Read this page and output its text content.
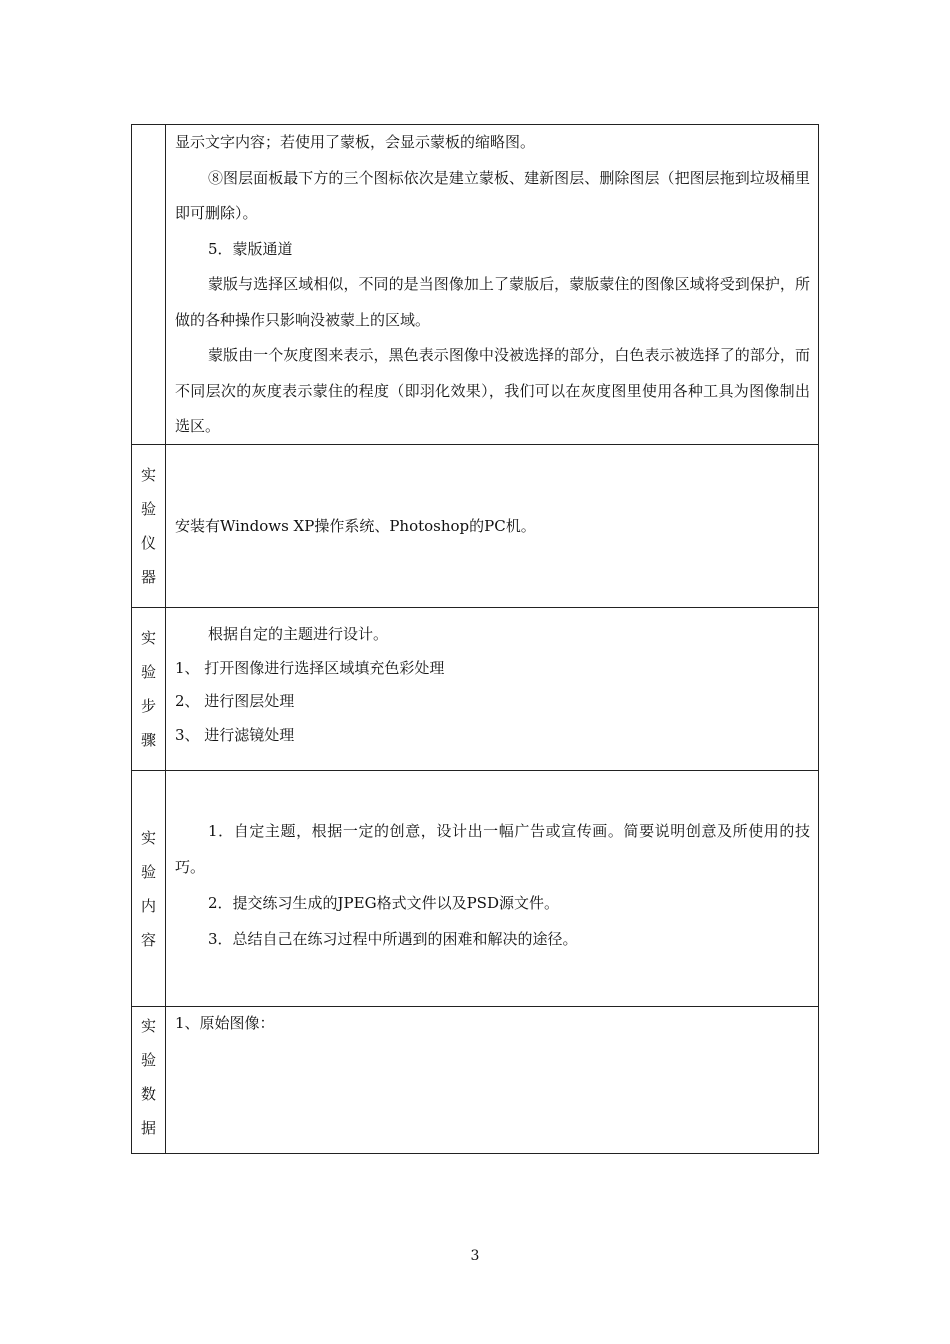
显示文字内容；若使用了蒙板，会显示蒙板的缩略图。

⑧图层面板最下方的三个图标依次是建立蒙板、建新图层、删除图层（把图层拖到垃圾桶里即可删除）。

5．蒙版通道

蒙版与选择区域相似，不同的是当图像加上了蒙版后，蒙版蒙住的图像区域将受到保护，所做的各种操作只影响没被蒙上的区域。

蒙版由一个灰度图来表示，黑色表示图像中没被选择的部分，白色表示被选择了的部分，而不同层次的灰度表示蒙住的程度（即羽化效果），我们可以在灰度图里使用各种工具为图像制出选区。

实
验
仪
器

安装有Windows XP操作系统、Photoshop的PC机。

实
验
步
骤

根据自定的主题进行设计。

1、 打开图像进行选择区域填充色彩处理

2、 进行图层处理

3、 进行滤镜处理

实
验
内
容

1．自定主题，根据一定的创意，设计出一幅广告或宣传画。简要说明创意及所使用的技巧。

2．提交练习生成的JPEG格式文件以及PSD源文件。

3．总结自己在练习过程中所遇到的困难和解决的途径。

实
验
数
据

1、原始图像：

3
